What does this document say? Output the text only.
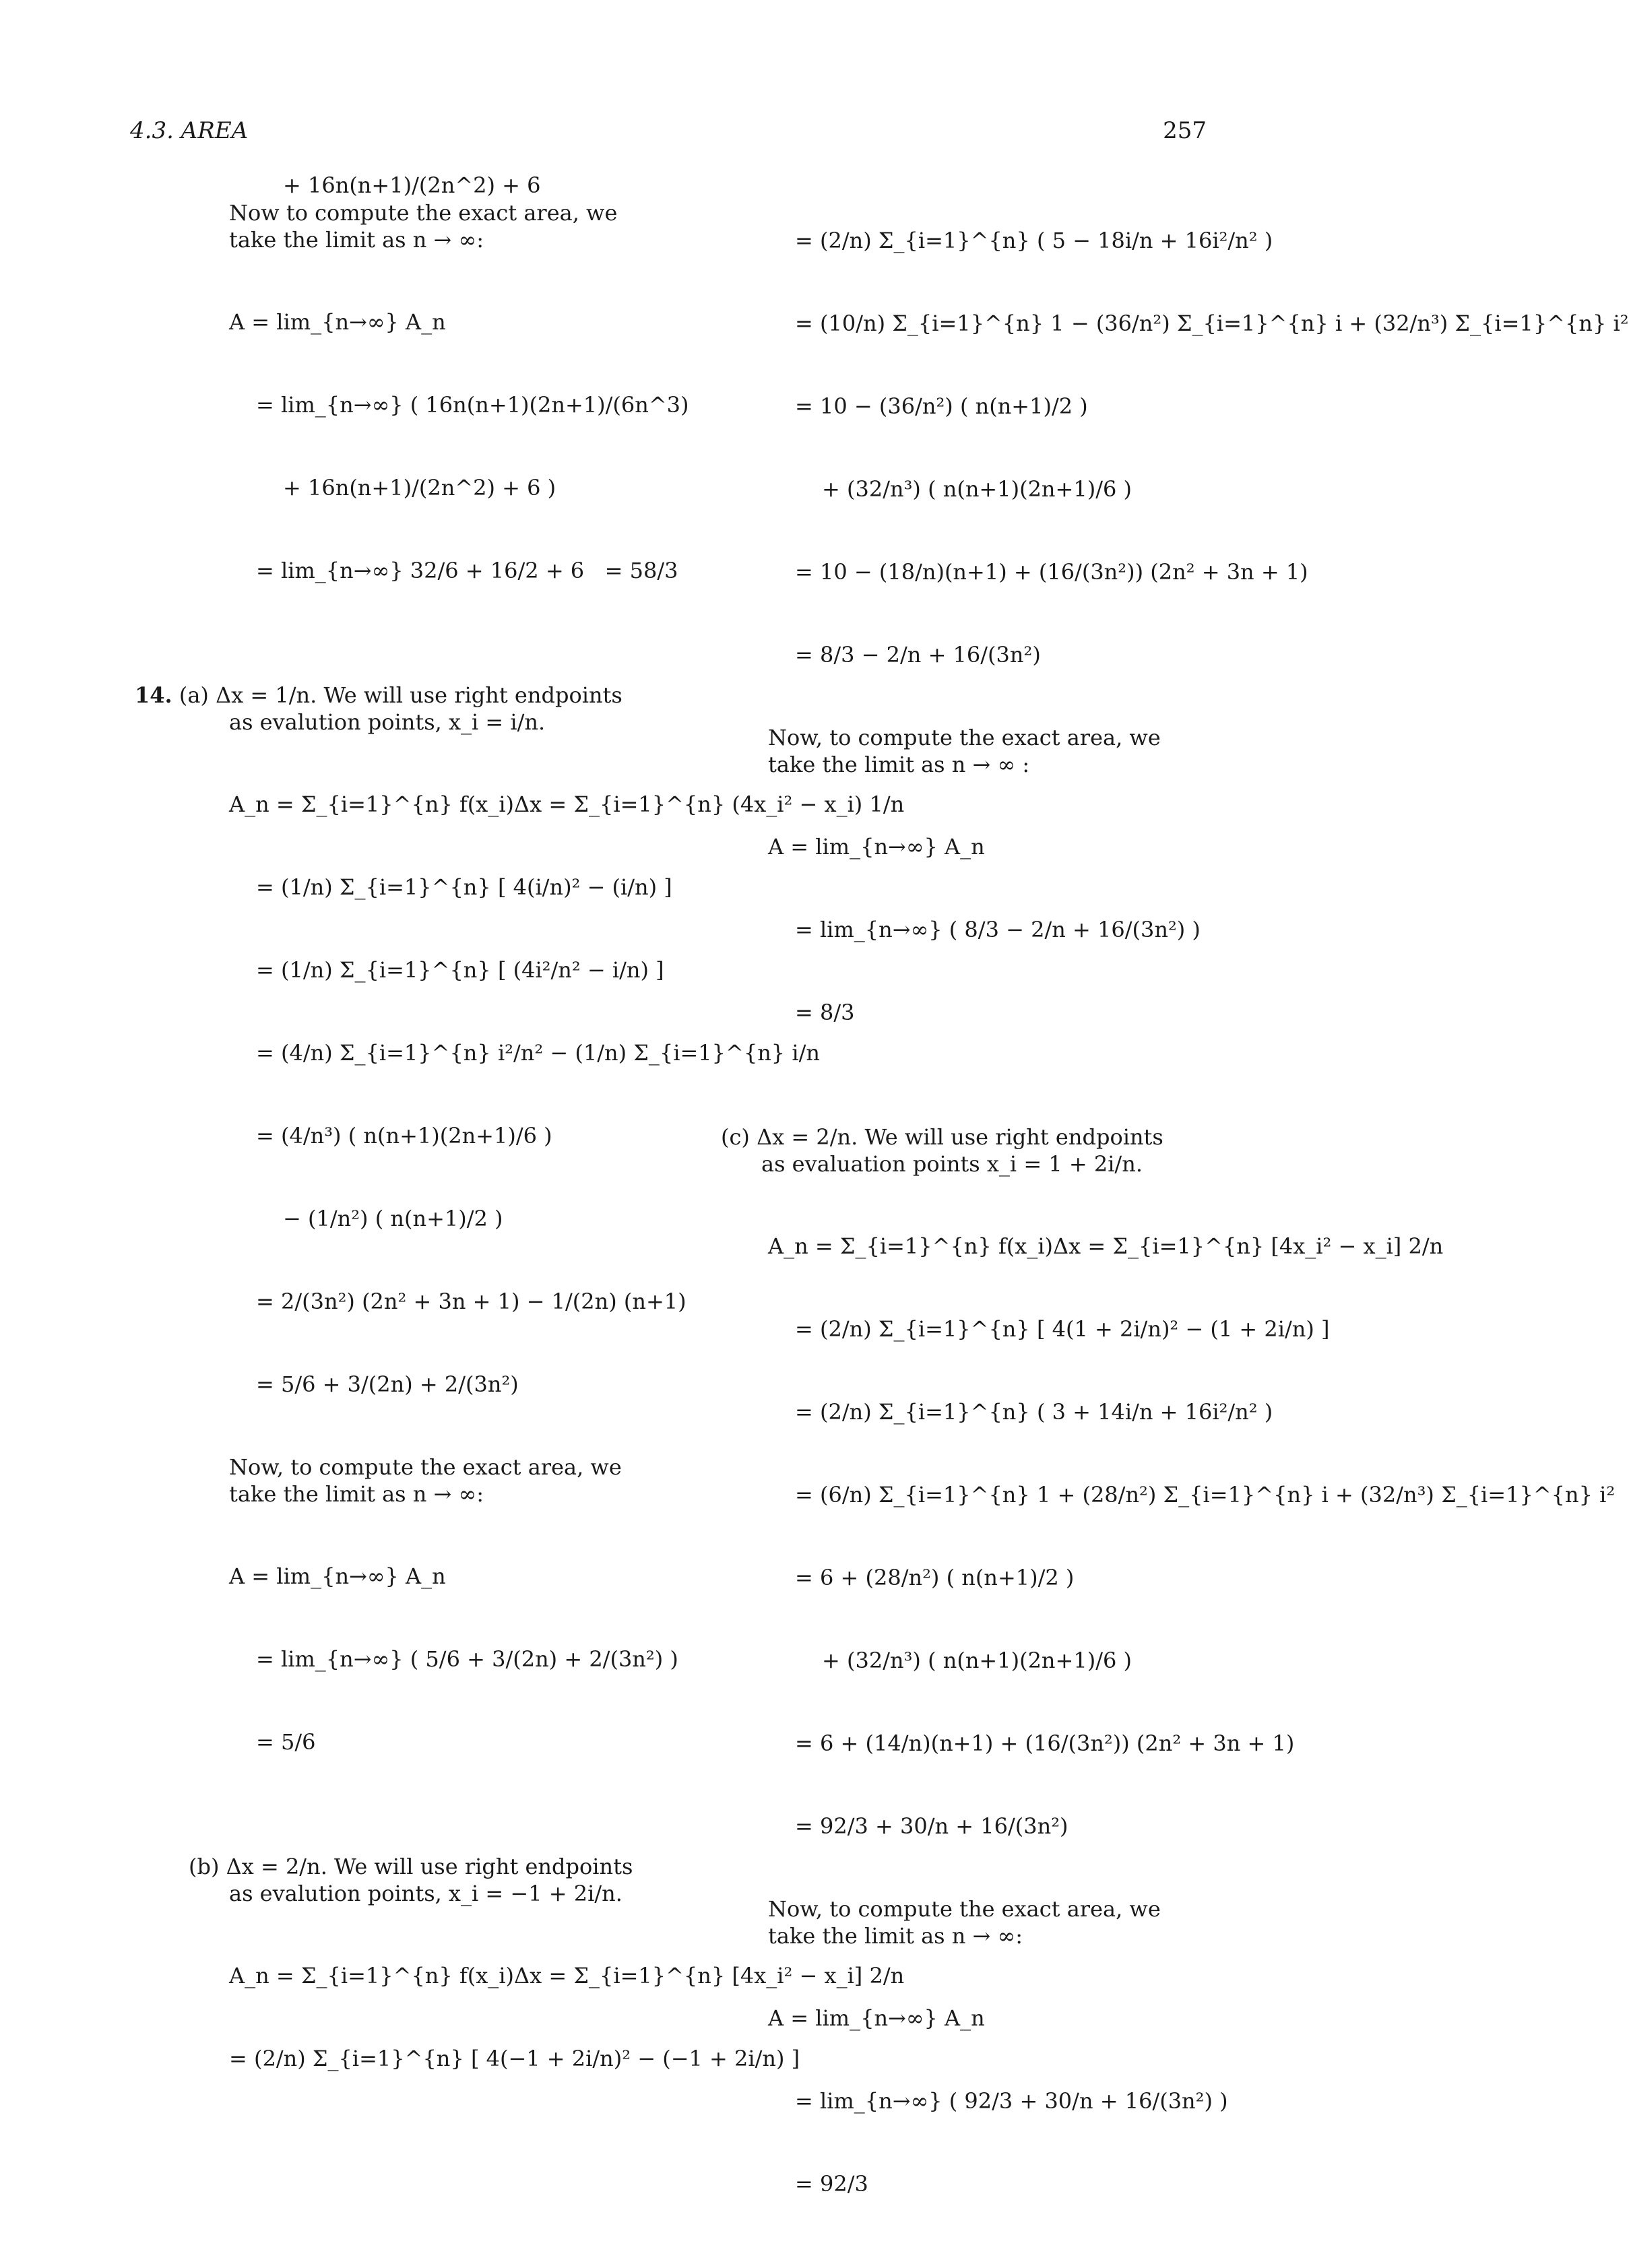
4.3. AREA	257
+ 16n(n+1)/(2n^2) + 6

Now to compute the exact area, we take the limit as n → ∞:

A = lim_{n→∞} A_n

= lim_{n→∞} ( 16n(n+1)(2n+1)/(6n^3)

+ 16n(n+1)/(2n^2) + 6 )

= lim_{n→∞} 32/6 + 16/2 + 6   = 58/3

14. (a) Δx = 1/n. We will use right endpoints as evalution points, x_i = i/n.

A_n = Σ_{i=1}^{n} f(x_i)Δx = Σ_{i=1}^{n} (4x_i² − x_i) 1/n

= (1/n) Σ_{i=1}^{n} [ 4(i/n)² − (i/n) ]

= (1/n) Σ_{i=1}^{n} [ (4i²/n² − i/n) ]

= (4/n) Σ_{i=1}^{n} i²/n² − (1/n) Σ_{i=1}^{n} i/n

= (4/n³) ( n(n+1)(2n+1)/6 )

− (1/n²) ( n(n+1)/2 )

= 2/(3n²) (2n² + 3n + 1) − 1/(2n) (n+1)

= 5/6 + 3/(2n) + 2/(3n²)

Now, to compute the exact area, we take the limit as n → ∞:

A = lim_{n→∞} A_n

= lim_{n→∞} ( 5/6 + 3/(2n) + 2/(3n²) )

= 5/6

(b) Δx = 2/n. We will use right endpoints as evalution points, x_i = −1 + 2i/n.

A_n = Σ_{i=1}^{n} f(x_i)Δx = Σ_{i=1}^{n} [4x_i² − x_i] 2/n

= (2/n) Σ_{i=1}^{n} [ 4(−1 + 2i/n)² − (−1 + 2i/n) ]

= (2/n) Σ_{i=1}^{n} ( 5 − 18i/n + 16i²/n² )

= (10/n) Σ_{i=1}^{n} 1 − (36/n²) Σ_{i=1}^{n} i + (32/n³) Σ_{i=1}^{n} i²

= 10 − (36/n²) ( n(n+1)/2 )

+ (32/n³) ( n(n+1)(2n+1)/6 )

= 10 − (18/n)(n+1) + (16/(3n²)) (2n² + 3n + 1)

= 8/3 − 2/n + 16/(3n²)

Now, to compute the exact area, we take the limit as n → ∞ :

A = lim_{n→∞} A_n

= lim_{n→∞} ( 8/3 − 2/n + 16/(3n²) )

= 8/3

(c) Δx = 2/n. We will use right endpoints as evaluation points x_i = 1 + 2i/n.

A_n = Σ_{i=1}^{n} f(x_i)Δx = Σ_{i=1}^{n} [4x_i² − x_i] 2/n

= (2/n) Σ_{i=1}^{n} [ 4(1 + 2i/n)² − (1 + 2i/n) ]

= (2/n) Σ_{i=1}^{n} ( 3 + 14i/n + 16i²/n² )

= (6/n) Σ_{i=1}^{n} 1 + (28/n²) Σ_{i=1}^{n} i + (32/n³) Σ_{i=1}^{n} i²

= 6 + (28/n²) ( n(n+1)/2 )

+ (32/n³) ( n(n+1)(2n+1)/6 )

= 6 + (14/n)(n+1) + (16/(3n²)) (2n² + 3n + 1)

= 92/3 + 30/n + 16/(3n²)

Now, to compute the exact area, we take the limit as n → ∞:

A = lim_{n→∞} A_n

= lim_{n→∞} ( 92/3 + 30/n + 16/(3n²) )

= 92/3
